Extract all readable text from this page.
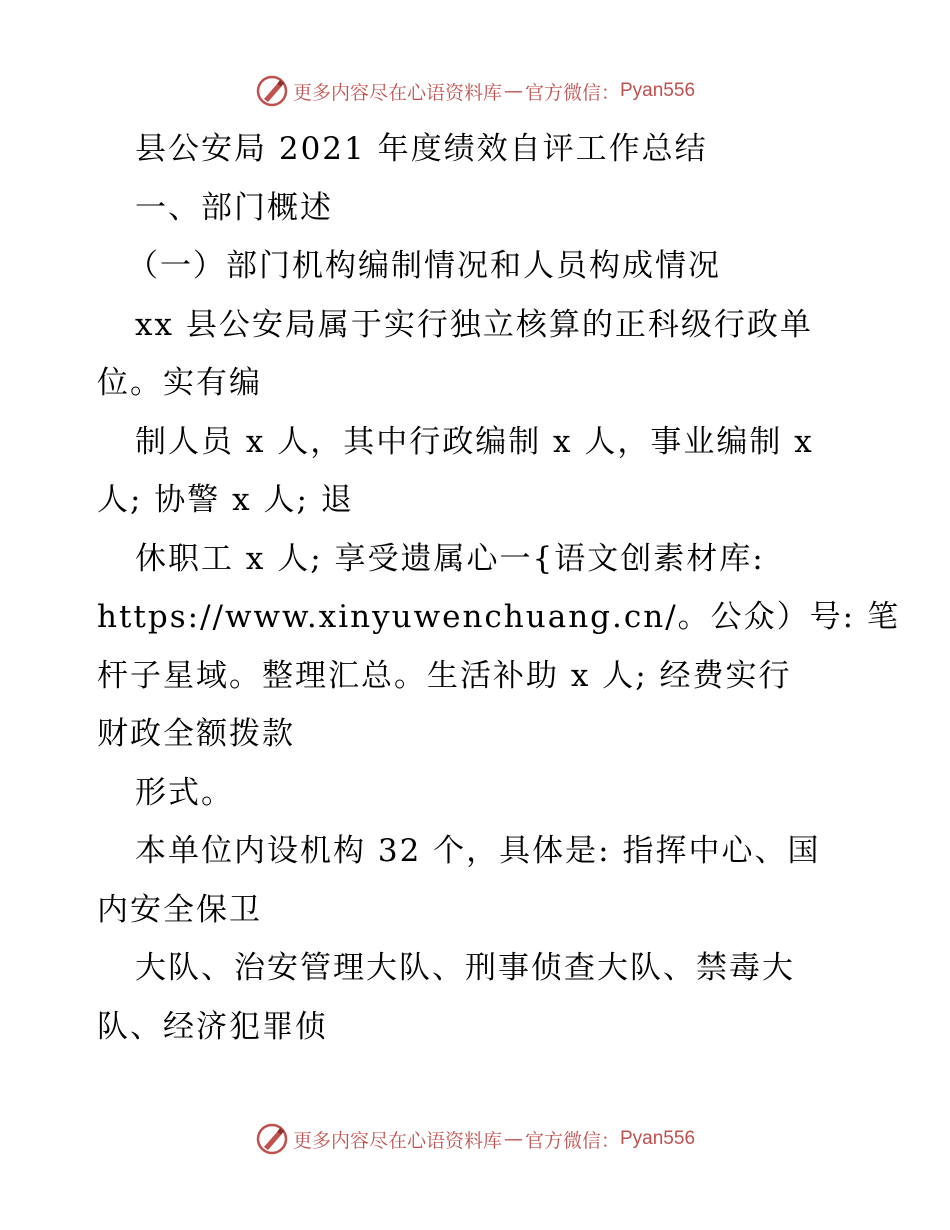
更多内容尽在心语资料库 — 官方微信： Pyan556
县公安局 2021 年度绩效自评工作总结
一、部门概述
（一）部门机构编制情况和人员构成情况
xx 县公安局属于实行独立核算的正科级行政单
位。实有编
制人员 x 人，其中行政编制 x 人，事业编制 x
人; 协警 x 人; 退
休职工 x 人; 享受遗属心一{语文创素材库:
https://www.xinyuwenchuang.cn/。公众）号: 笔
杆子星域。整理汇总。生活补助 x 人; 经费实行
财政全额拨款
形式。
本单位内设机构 32 个，具体是: 指挥中心、国
内安全保卫
大队、治安管理大队、刑事侦查大队、禁毒大
队、经济犯罪侦
更多内容尽在心语资料库 — 官方微信： Pyan556
